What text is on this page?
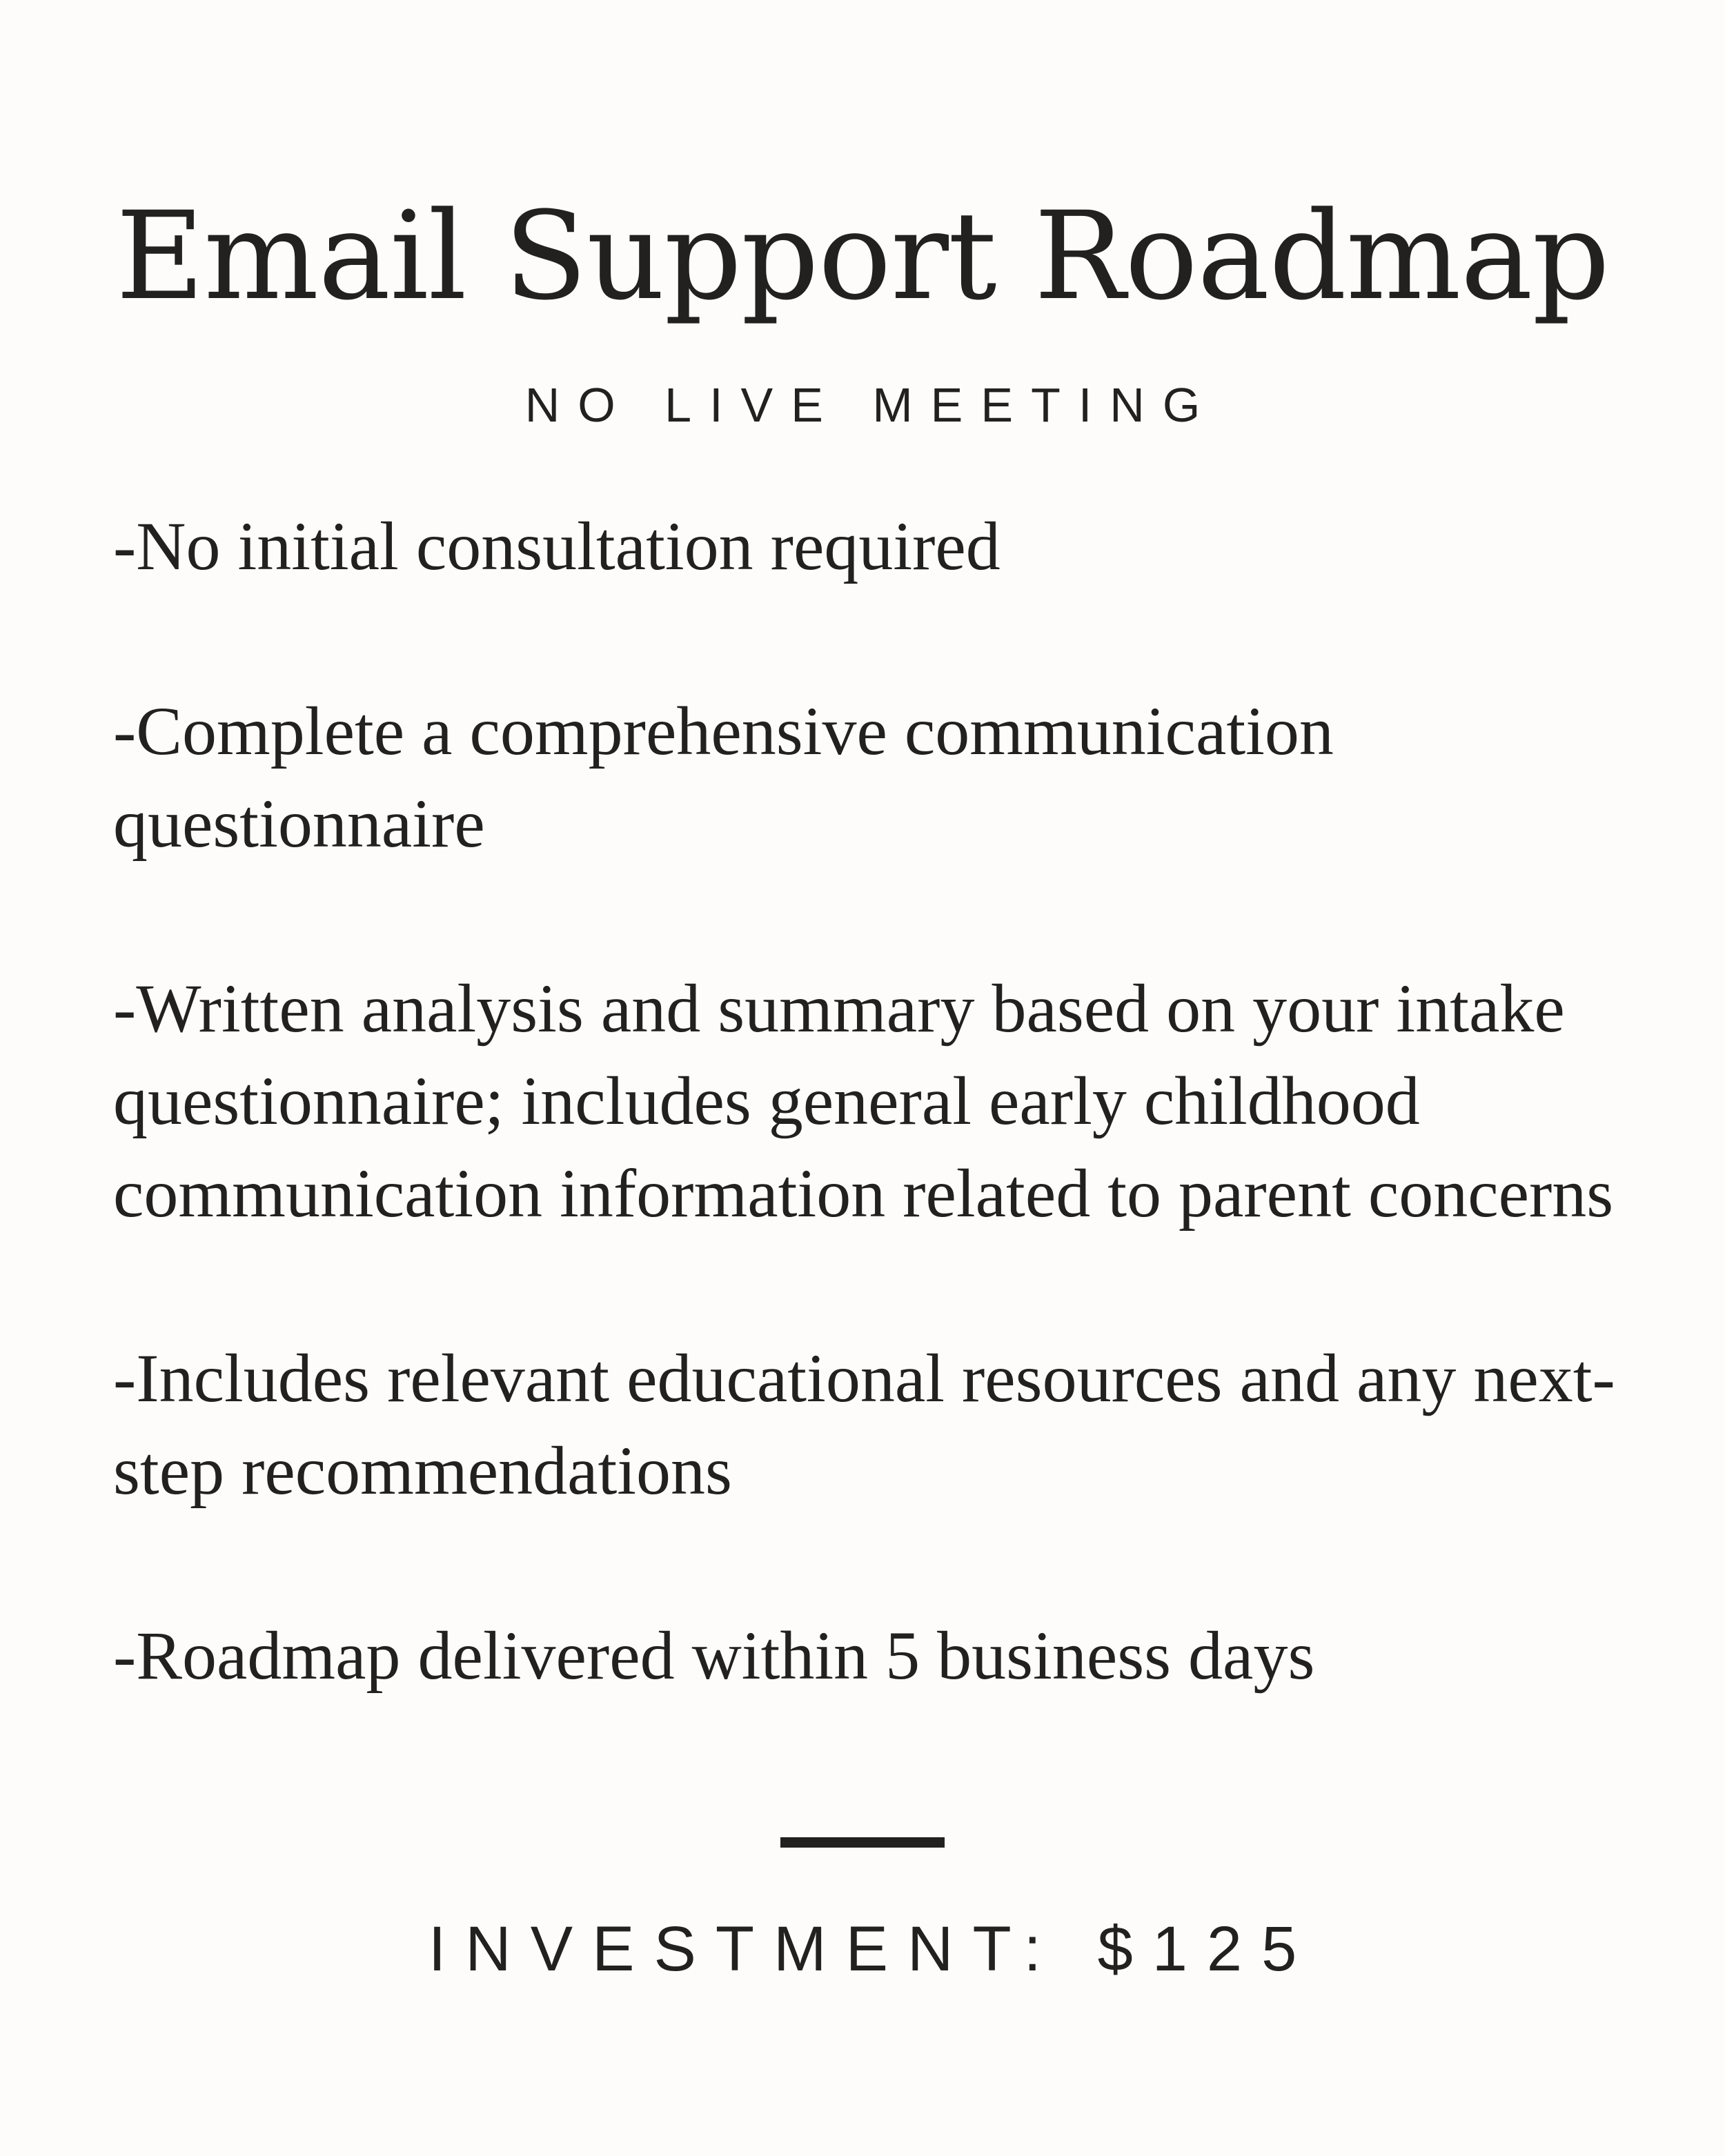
Email Support Roadmap
NO LIVE MEETING
-No initial consultation required
-Complete a comprehensive communication questionnaire
-Written analysis and summary based on your intake questionnaire; includes general early childhood communication information related to parent concerns
-Includes relevant educational resources and any next-step recommendations
-Roadmap delivered within 5 business days
INVESTMENT: $125
